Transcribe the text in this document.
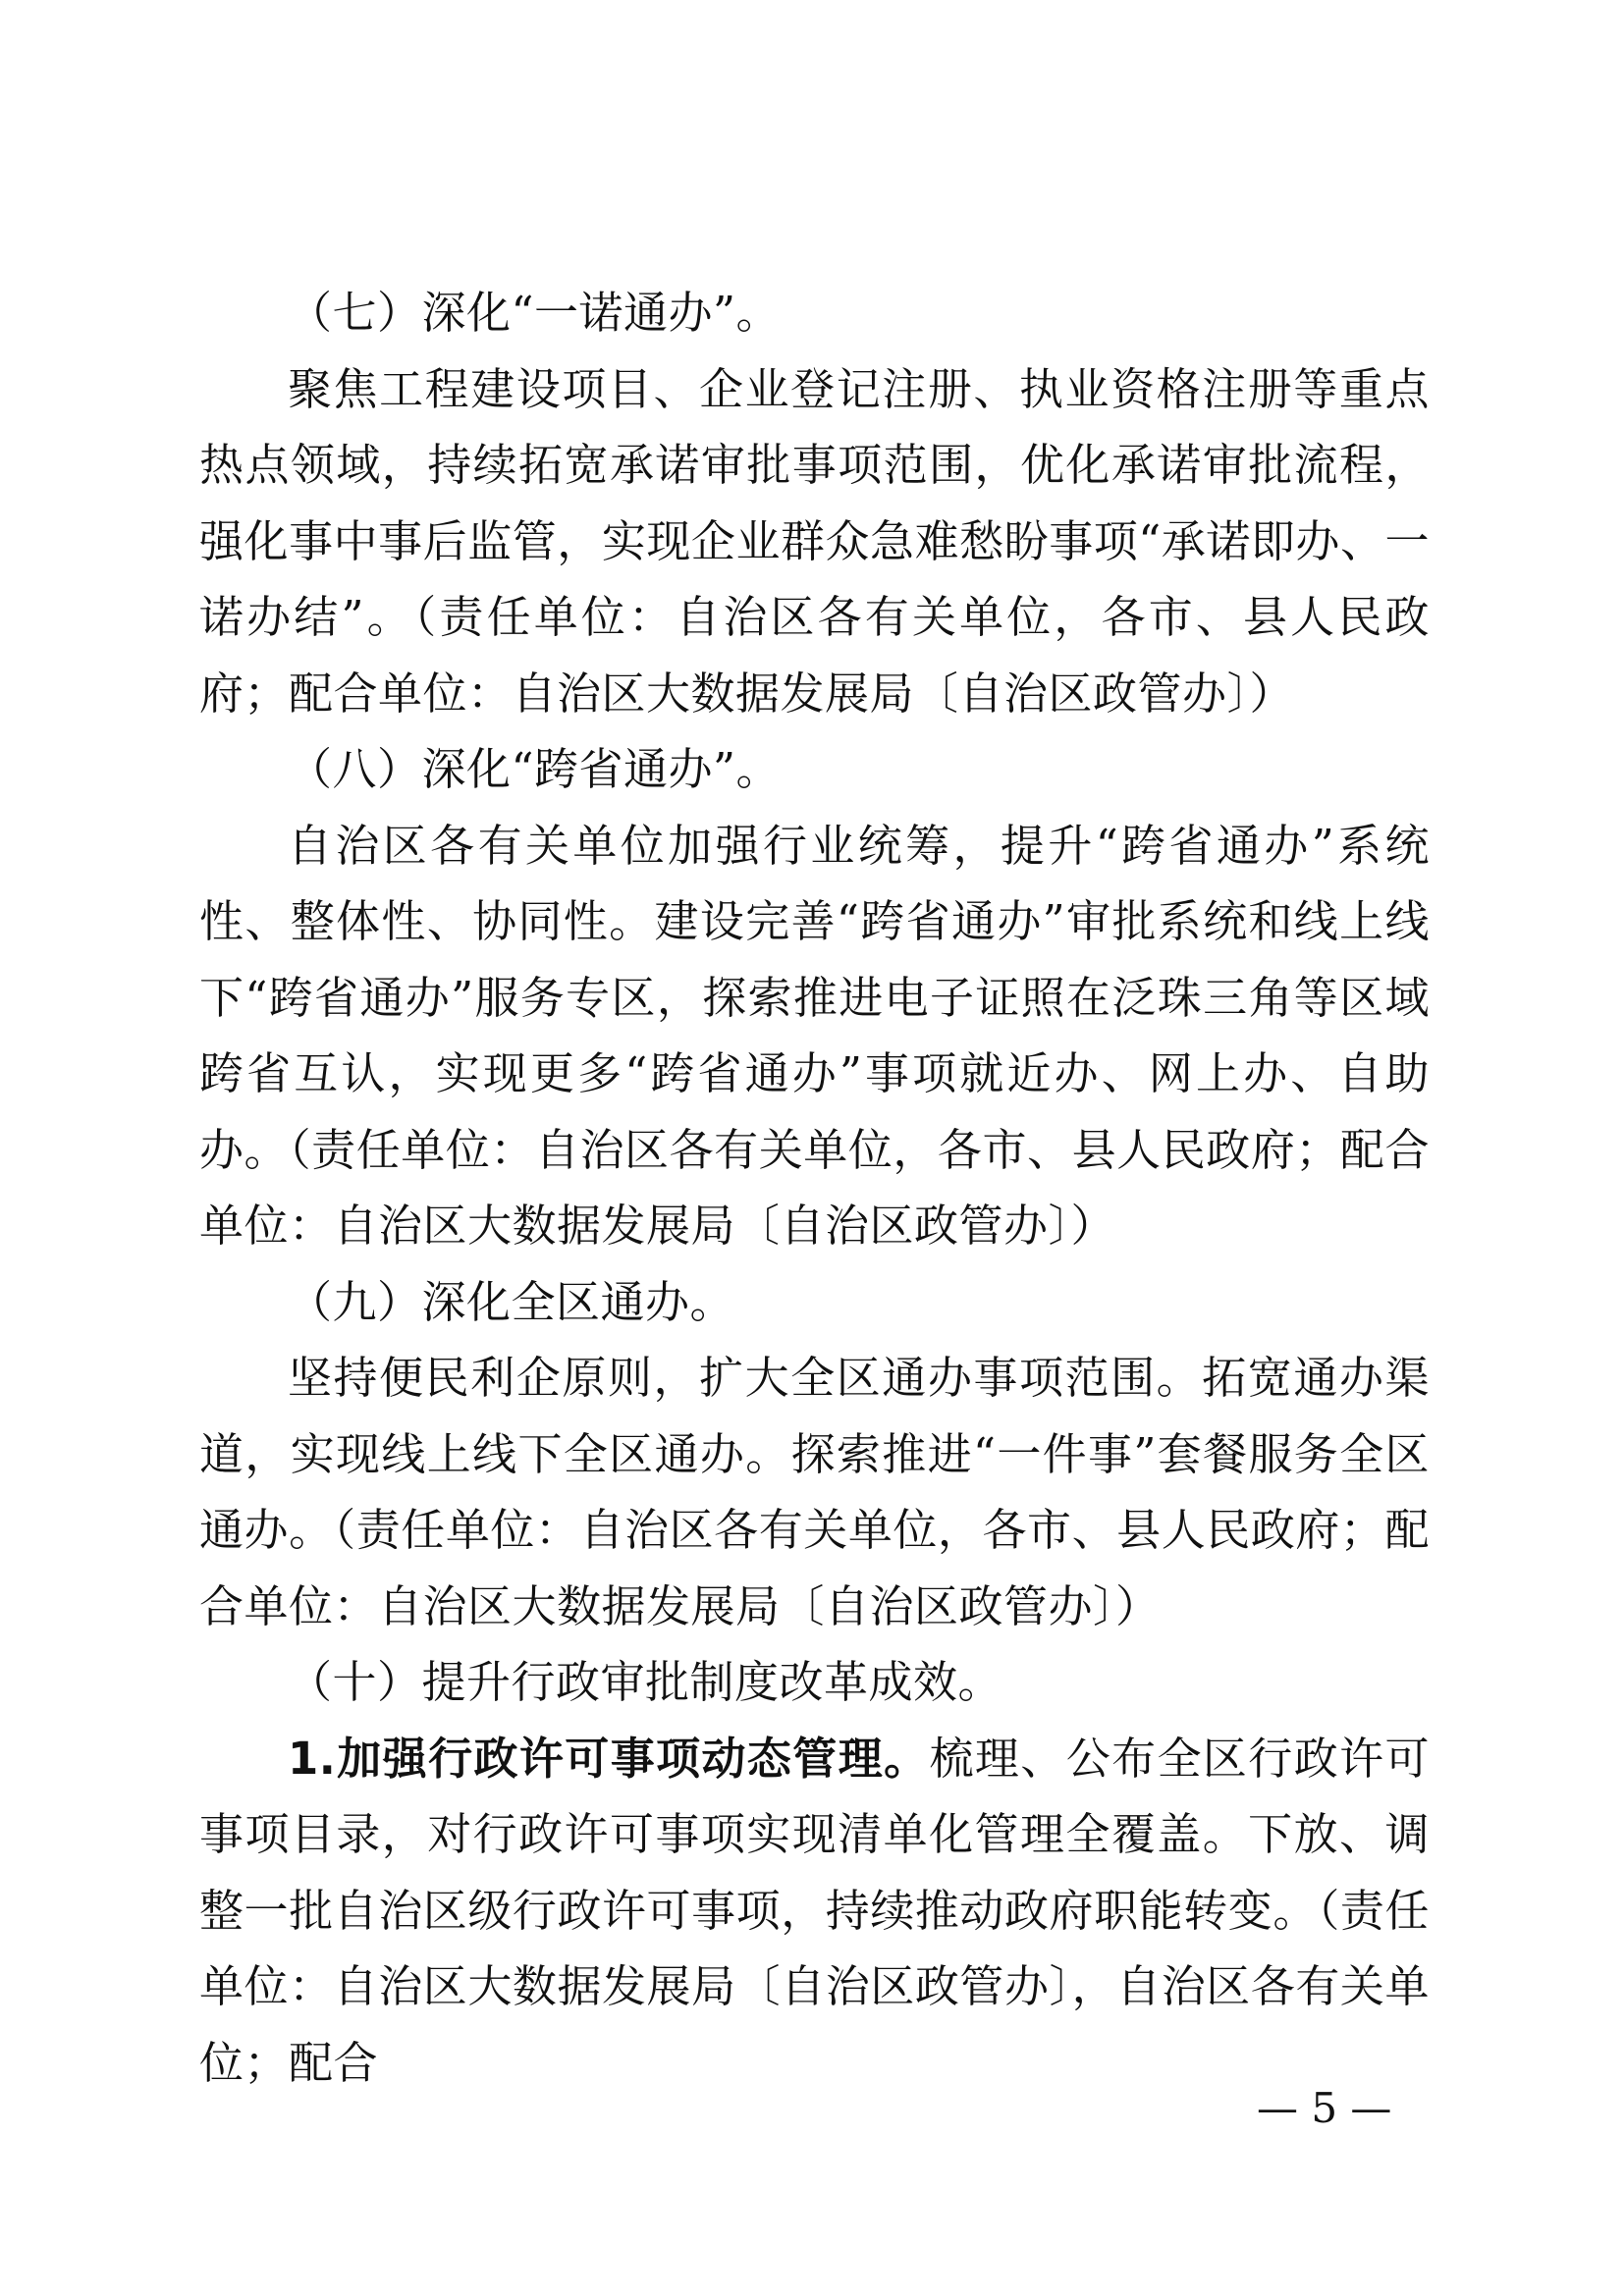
（七）深化“一诺通办”。

聚焦工程建设项目、企业登记注册、执业资格注册等重点热点领域，持续拓宽承诺审批事项范围，优化承诺审批流程，强化事中事后监管，实现企业群众急难愁盼事项“承诺即办、一诺办结”。（责任单位：自治区各有关单位，各市、县人民政府；配合单位：自治区大数据发展局〔自治区政管办〕）

（八）深化“跨省通办”。

自治区各有关单位加强行业统筹，提升“跨省通办”系统性、整体性、协同性。建设完善“跨省通办”审批系统和线上线下“跨省通办”服务专区，探索推进电子证照在泛珠三角等区域跨省互认，实现更多“跨省通办”事项就近办、网上办、自助办。（责任单位：自治区各有关单位，各市、县人民政府；配合单位：自治区大数据发展局〔自治区政管办〕）

（九）深化全区通办。

坚持便民利企原则，扩大全区通办事项范围。拓宽通办渠道，实现线上线下全区通办。探索推进“一件事”套餐服务全区通办。（责任单位：自治区各有关单位，各市、县人民政府；配合单位：自治区大数据发展局〔自治区政管办〕）

（十）提升行政审批制度改革成效。

1.加强行政许可事项动态管理。梳理、公布全区行政许可事项目录，对行政许可事项实现清单化管理全覆盖。下放、调整一批自治区级行政许可事项，持续推动政府职能转变。（责任单位：自治区大数据发展局〔自治区政管办〕，自治区各有关单位；配合

— 5 —
